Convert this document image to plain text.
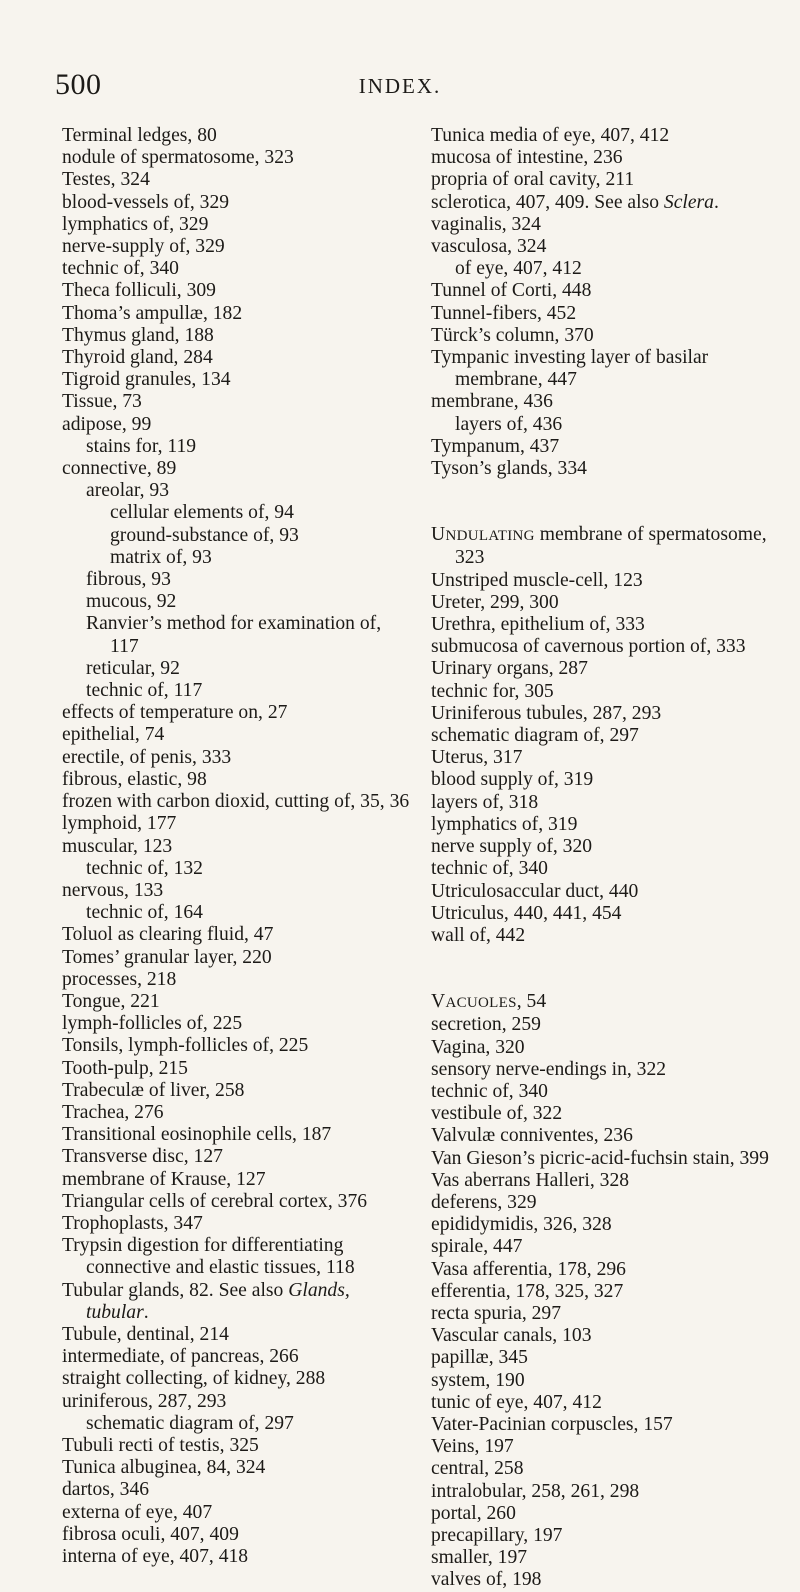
500	INDEX.

Terminal ledges, 80

nodule of spermatosome, 323

Testes, 324

blood-vessels of, 329

lymphatics of, 329

nerve-supply of, 329

technic of, 340

Theca folliculi, 309

Thoma’s ampullæ, 182

Thymus gland, 188

Thyroid gland, 284

Tigroid granules, 134

Tissue, 73

adipose, 99

stains for, 119

connective, 89

areolar, 93

cellular elements of, 94

ground-substance of, 93

matrix of, 93

fibrous, 93

mucous, 92

Ranvier’s method for examination of, 117

reticular, 92

technic of, 117

effects of temperature on, 27

epithelial, 74

erectile, of penis, 333

fibrous, elastic, 98

frozen with carbon dioxid, cutting of, 35, 36

lymphoid, 177

muscular, 123

technic of, 132

nervous, 133

technic of, 164

Toluol as clearing fluid, 47

Tomes’ granular layer, 220

processes, 218

Tongue, 221

lymph-follicles of, 225

Tonsils, lymph-follicles of, 225

Tooth-pulp, 215

Trabeculæ of liver, 258

Trachea, 276

Transitional eosinophile cells, 187

Transverse disc, 127

membrane of Krause, 127

Triangular cells of cerebral cortex, 376

Trophoplasts, 347

Trypsin digestion for differentiating connective and elastic tissues, 118

Tubular glands, 82. See also Glands, tubular.

Tubule, dentinal, 214

intermediate, of pancreas, 266

straight collecting, of kidney, 288

uriniferous, 287, 293

schematic diagram of, 297

Tubuli recti of testis, 325

Tunica albuginea, 84, 324

dartos, 346

externa of eye, 407

fibrosa oculi, 407, 409

interna of eye, 407, 418

Tunica media of eye, 407, 412

mucosa of intestine, 236

propria of oral cavity, 211

sclerotica, 407, 409. See also Sclera.

vaginalis, 324

vasculosa, 324

of eye, 407, 412

Tunnel of Corti, 448

Tunnel-fibers, 452

Türck’s column, 370

Tympanic investing layer of basilar membrane, 447

membrane, 436

layers of, 436

Tympanum, 437

Tyson’s glands, 334

UNDULATING membrane of spermatosome, 323

Unstriped muscle-cell, 123

Ureter, 299, 300

Urethra, epithelium of, 333

submucosa of cavernous portion of, 333

Urinary organs, 287

technic for, 305

Uriniferous tubules, 287, 293

schematic diagram of, 297

Uterus, 317

blood supply of, 319

layers of, 318

lymphatics of, 319

nerve supply of, 320

technic of, 340

Utriculosaccular duct, 440

Utriculus, 440, 441, 454

wall of, 442

VACUOLES, 54

secretion, 259

Vagina, 320

sensory nerve-endings in, 322

technic of, 340

vestibule of, 322

Valvulæ conniventes, 236

Van Gieson’s picric-acid-fuchsin stain, 399

Vas aberrans Halleri, 328

deferens, 329

epididymidis, 326, 328

spirale, 447

Vasa afferentia, 178, 296

efferentia, 178, 325, 327

recta spuria, 297

Vascular canals, 103

papillæ, 345

system, 190

tunic of eye, 407, 412

Vater-Pacinian corpuscles, 157

Veins, 197

central, 258

intralobular, 258, 261, 298

portal, 260

precapillary, 197

smaller, 197

valves of, 198
